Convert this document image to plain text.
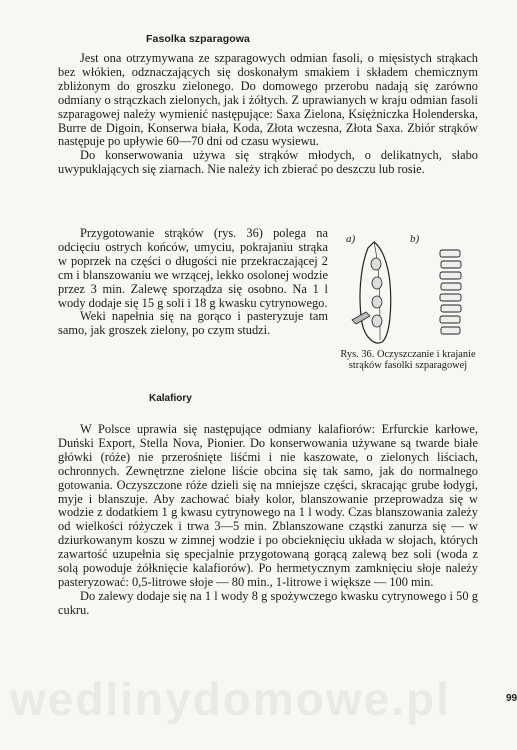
Fasolka szparagowa

Jest ona otrzymywana ze szparagowych odmian fasoli, o mięsistych strąkach bez włókien, odznaczających się doskonałym smakiem i składem chemicznym zbliżonym do groszku zielonego. Do domowego przerobu nadają się zarówno odmiany o strączkach zielonych, jak i żółtych. Z uprawianych w kraju odmian fasoli szparagowej należy wymienić następujące: Saxa Zielona, Księżniczka Holenderska, Burre de Digoin, Konserwa biała, Koda, Złota wczesna, Złota Saxa. Zbiór strąków następuje po upływie 60—70 dni od czasu wysiewu.

Do konserwowania używa się strąków młodych, o delikatnych, słabo uwypuklających się ziarnach. Nie należy ich zbierać po deszczu lub rosie.

Przygotowanie strąków (rys. 36) polega na odcięciu ostrych końców, umyciu, pokrajaniu strąka w poprzek na części o długości nie przekraczającej 2 cm i blanszowaniu we wrzącej, lekko osolonej wodzie przez 3 min. Zalewę sporządza się osobno. Na 1 l wody dodaje się 15 g soli i 18 g kwasku cytrynowego.

Weki napełnia się na gorąco i pasteryzuje tam samo, jak groszek zielony, po czym studzi.

a)	b)
Rys. 36. Oczyszczanie i krajanie strąków fasolki szparagowej
Kalafiory

W Polsce uprawia się następujące odmiany kalafiorów: Erfurckie karłowe, Duński Export, Stella Nova, Pionier. Do konserwowania używane są twarde białe główki (róże) nie przerośnięte liśćmi i nie kaszowate, o zielonych liściach, ochronnych. Zewnętrzne zielone liście obcina się tak samo, jak do normalnego gotowania. Oczyszczone róże dzieli się na mniejsze części, skracając grube łodygi, myje i blanszuje. Aby zachować biały kolor, blanszowanie przeprowadza się w wodzie z dodatkiem 1 g kwasu cytrynowego na 1 l wody. Czas blanszowania zależy od wielkości różyczek i trwa 3—5 min. Zblanszowane cząstki zanurza się — w dziurkowanym koszu w zimnej wodzie i po obcieknięciu układa w słojach, których zawartość uzupełnia się specjalnie przygotowaną gorącą zalewą bez soli (woda z solą powoduje żółknięcie kalafiorów). Po hermetycznym zamknięciu słoje należy pasteryzować: 0,5-litrowe słoje — 80 min., 1-litrowe i większe — 100 min.

Do zalewy dodaje się na 1 l wody 8 g spożywczego kwasku cytrynowego i 50 g cukru.

99
wedlinydomowe.pl
